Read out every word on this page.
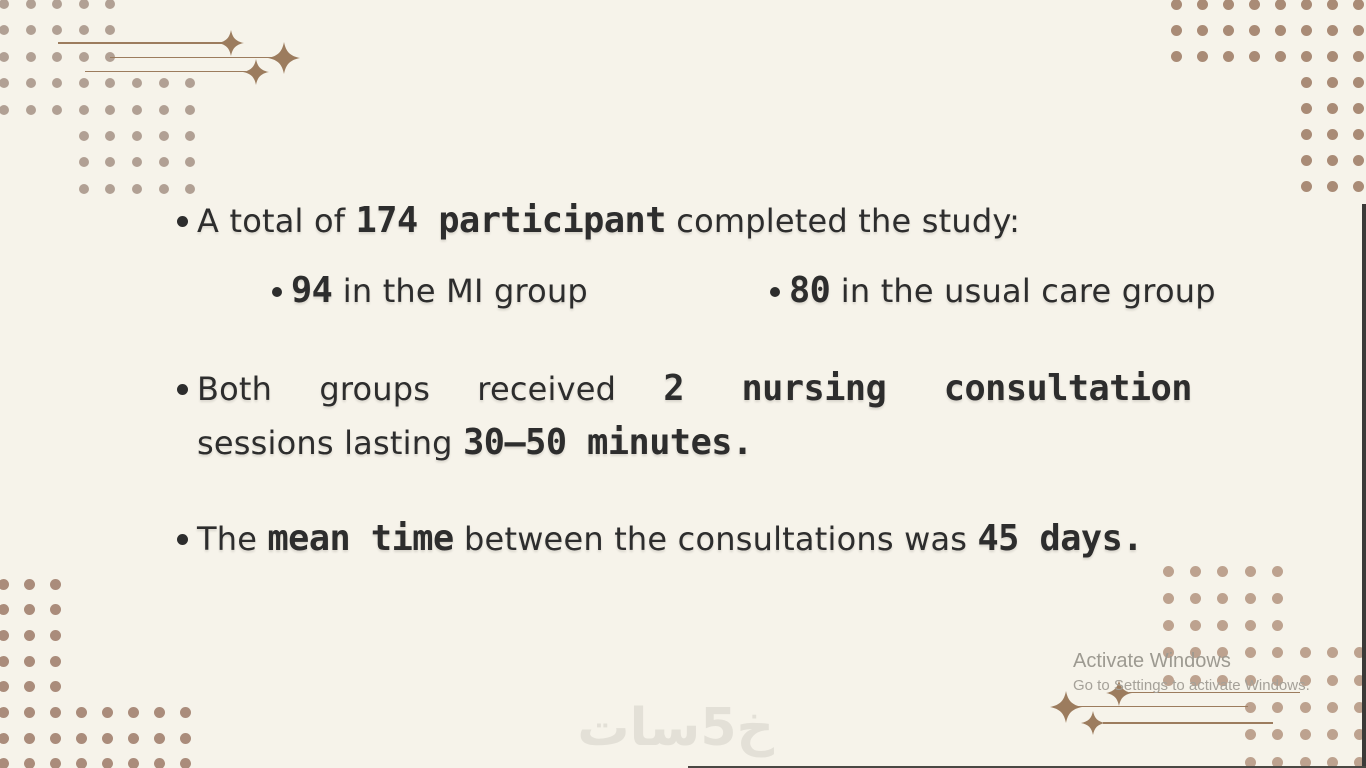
A total of 174 participant completed the study:
94 in the MI group	80 in the usual care group
Both groups received 2 nursing consultation
sessions lasting 30–50 minutes.
The mean time between the consultations was 45 days.
Activate Windows
Go to Settings to activate Windows.
خ5سات
